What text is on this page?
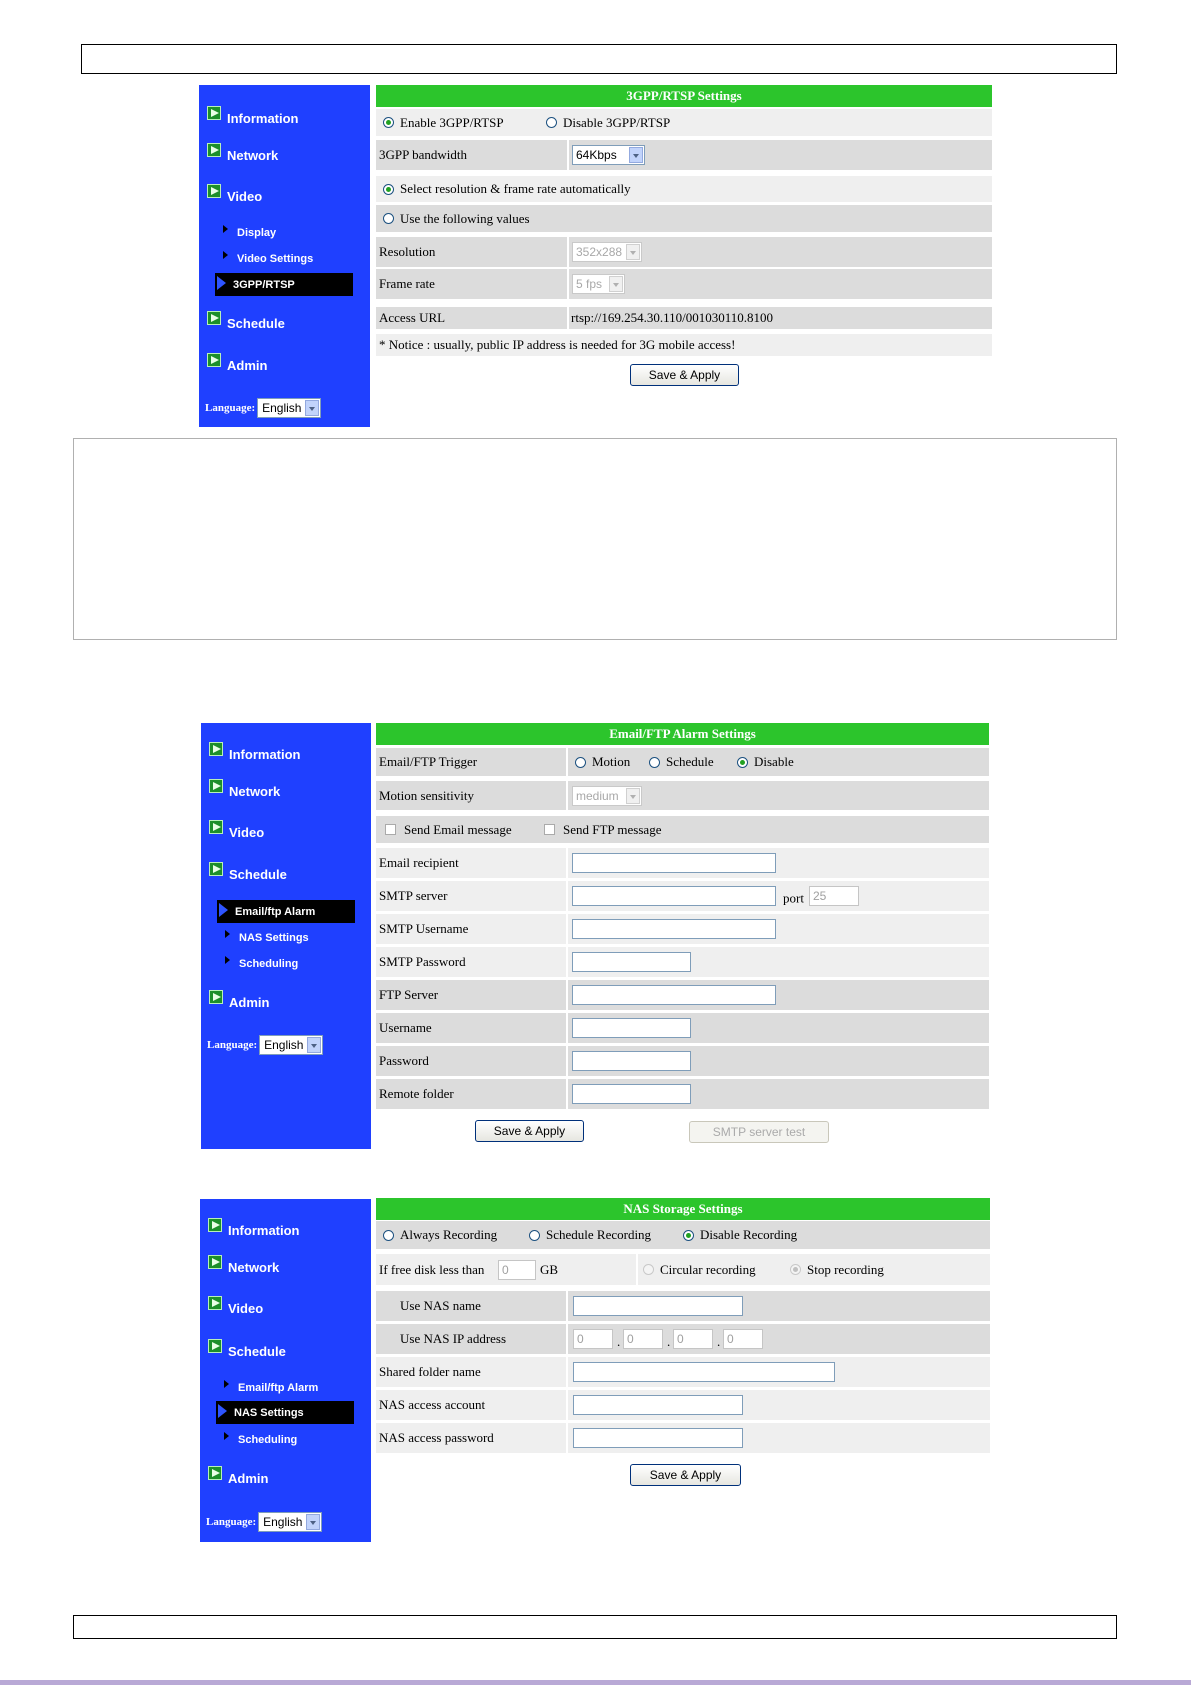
Information
Network
Video
Display
Video Settings
3GPP/RTSP
Schedule
Admin
Language: English
3GPP/RTSP Settings
Enable 3GPP/RTSP	Disable 3GPP/RTSP
3GPP bandwidth	64Kbps
Select resolution & frame rate automatically
Use the following values
Resolution	352x288
Frame rate	5 fps
Access URL	rtsp://169.254.30.110/001030110.8100
* Notice : usually, public IP address is needed for 3G mobile access!
Save & Apply
Information
Network
Video
Schedule
Email/ftp Alarm
NAS Settings
Scheduling
Admin
Language: English
Email/FTP Alarm Settings
Email/FTP Trigger	Motion	Schedule	Disable
Motion sensitivity	medium
Send Email message	Send FTP message
Email recipient
SMTP server	port 25
SMTP Username
SMTP Password
FTP Server
Username
Password
Remote folder
Save & Apply	SMTP server test
Information
Network
Video
Schedule
Email/ftp Alarm
NAS Settings
Scheduling
Admin
Language: English
NAS Storage Settings
Always Recording	Schedule Recording	Disable Recording
If free disk less than	0	GB	Circular recording	Stop recording
Use NAS name
Use NAS IP address	0	. 0	. 0	. 0
Shared folder name
NAS access account
NAS access password
Save & Apply
